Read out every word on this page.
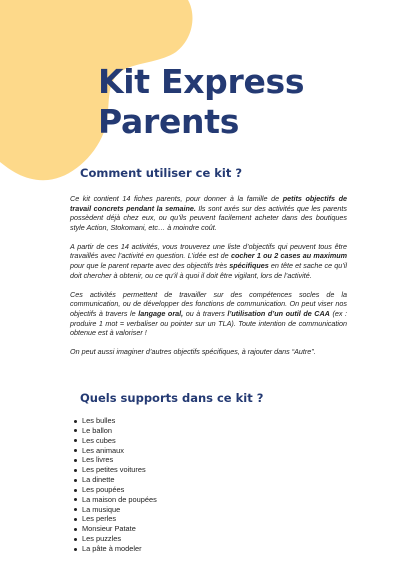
Kit Express
Parents
Comment utiliser ce kit ?

Ce kit contient 14 fiches parents, pour donner à la famille de petits objectifs de travail concrets pendant la semaine. Ils sont axés sur des activités que les parents possèdent déjà chez eux, ou qu’ils peuvent facilement acheter dans des boutiques style Action, Stokomani, etc… à moindre coût.

A partir de ces 14 activités, vous trouverez une liste d’objectifs qui peuvent tous être travaillés avec l’activité en question. L’idée est de cocher 1 ou 2 cases au maximum pour que le parent reparte avec des objectifs très spécifiques en tête et sache ce qu’il doit chercher à obtenir, ou ce qu’il à quoi il doit être vigilant, lors de l’activité.

Ces activités permettent de travailler sur des compétences socles de la communication, ou de développer des fonctions de communication. On peut viser nos objectifs à travers le langage oral, ou à travers l’utilisation d’un outil de CAA (ex : produire 1 mot = verbaliser ou pointer sur un TLA). Toute intention de communication obtenue est à valoriser !

On peut aussi imaginer d’autres objectifs spécifiques, à rajouter dans “Autre”.

Quels supports dans ce kit ?
Les bulles
Le ballon
Les cubes
Les animaux
Les livres
Les petites voitures
La dinette
Les poupées
La maison de poupées
La musique
Les perles
Monsieur Patate
Les puzzles
La pâte à modeler
